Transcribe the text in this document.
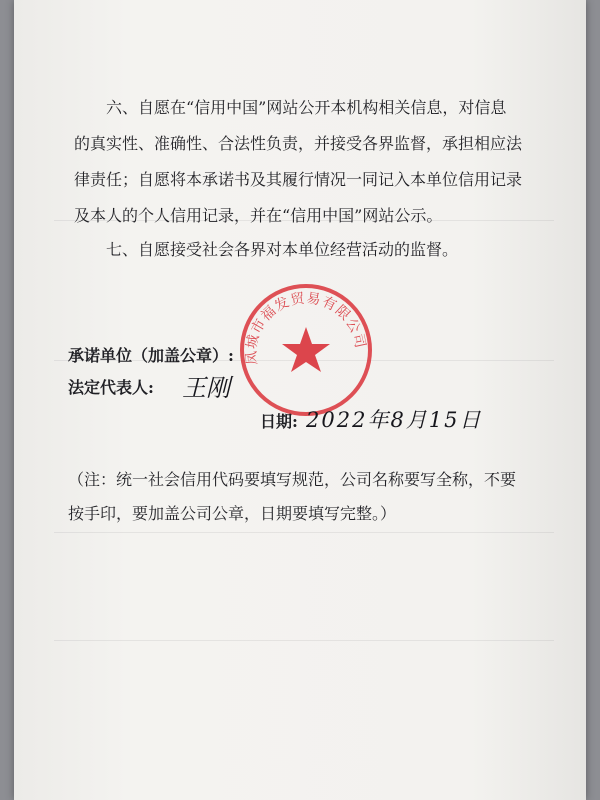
六、自愿在“信用中国”网站公开本机构相关信息，对信息
的真实性、准确性、合法性负责，并接受各界监督，承担相应法
律责任；自愿将本承诺书及其履行情况一同记入本单位信用记录
及本人的个人信用记录，并在“信用中国”网站公示。
七、自愿接受社会各界对本单位经营活动的监督。
凤城市福发贸易有限公司
承诺单位（加盖公章）:
法定代表人: 王刚
日期: 2022年8月15日
（注：统一社会信用代码要填写规范，公司名称要写全称，不要
按手印，要加盖公司公章，日期要填写完整。）
